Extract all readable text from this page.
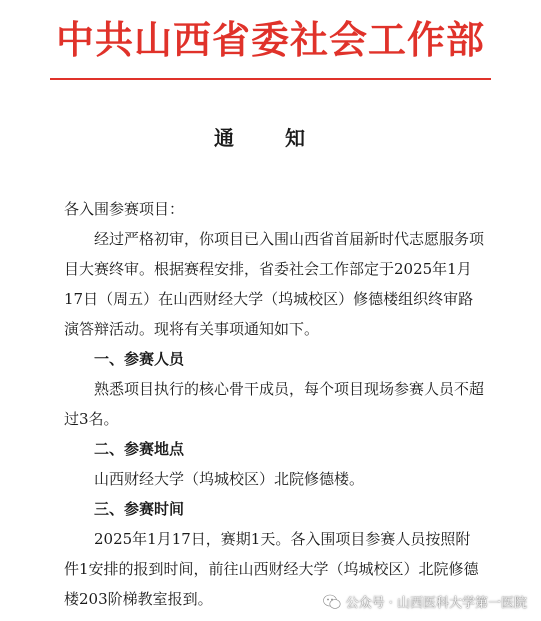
中共山西省委社会工作部
通 知

各入围参赛项目：

经过严格初审，你项目已入围山西省首届新时代志愿服务项目大赛终审。根据赛程安排，省委社会工作部定于2025年1月17日（周五）在山西财经大学（坞城校区）修德楼组织终审路演答辩活动。现将有关事项通知如下。

一、参赛人员

熟悉项目执行的核心骨干成员，每个项目现场参赛人员不超过3名。

二、参赛地点

山西财经大学（坞城校区）北院修德楼。

三、参赛时间

2025年1月17日，赛期1天。各入围项目参赛人员按照附件1安排的报到时间，前往山西财经大学（坞城校区）北院修德楼203阶梯教室报到。	公众号 · 山西医科大学第一医院
